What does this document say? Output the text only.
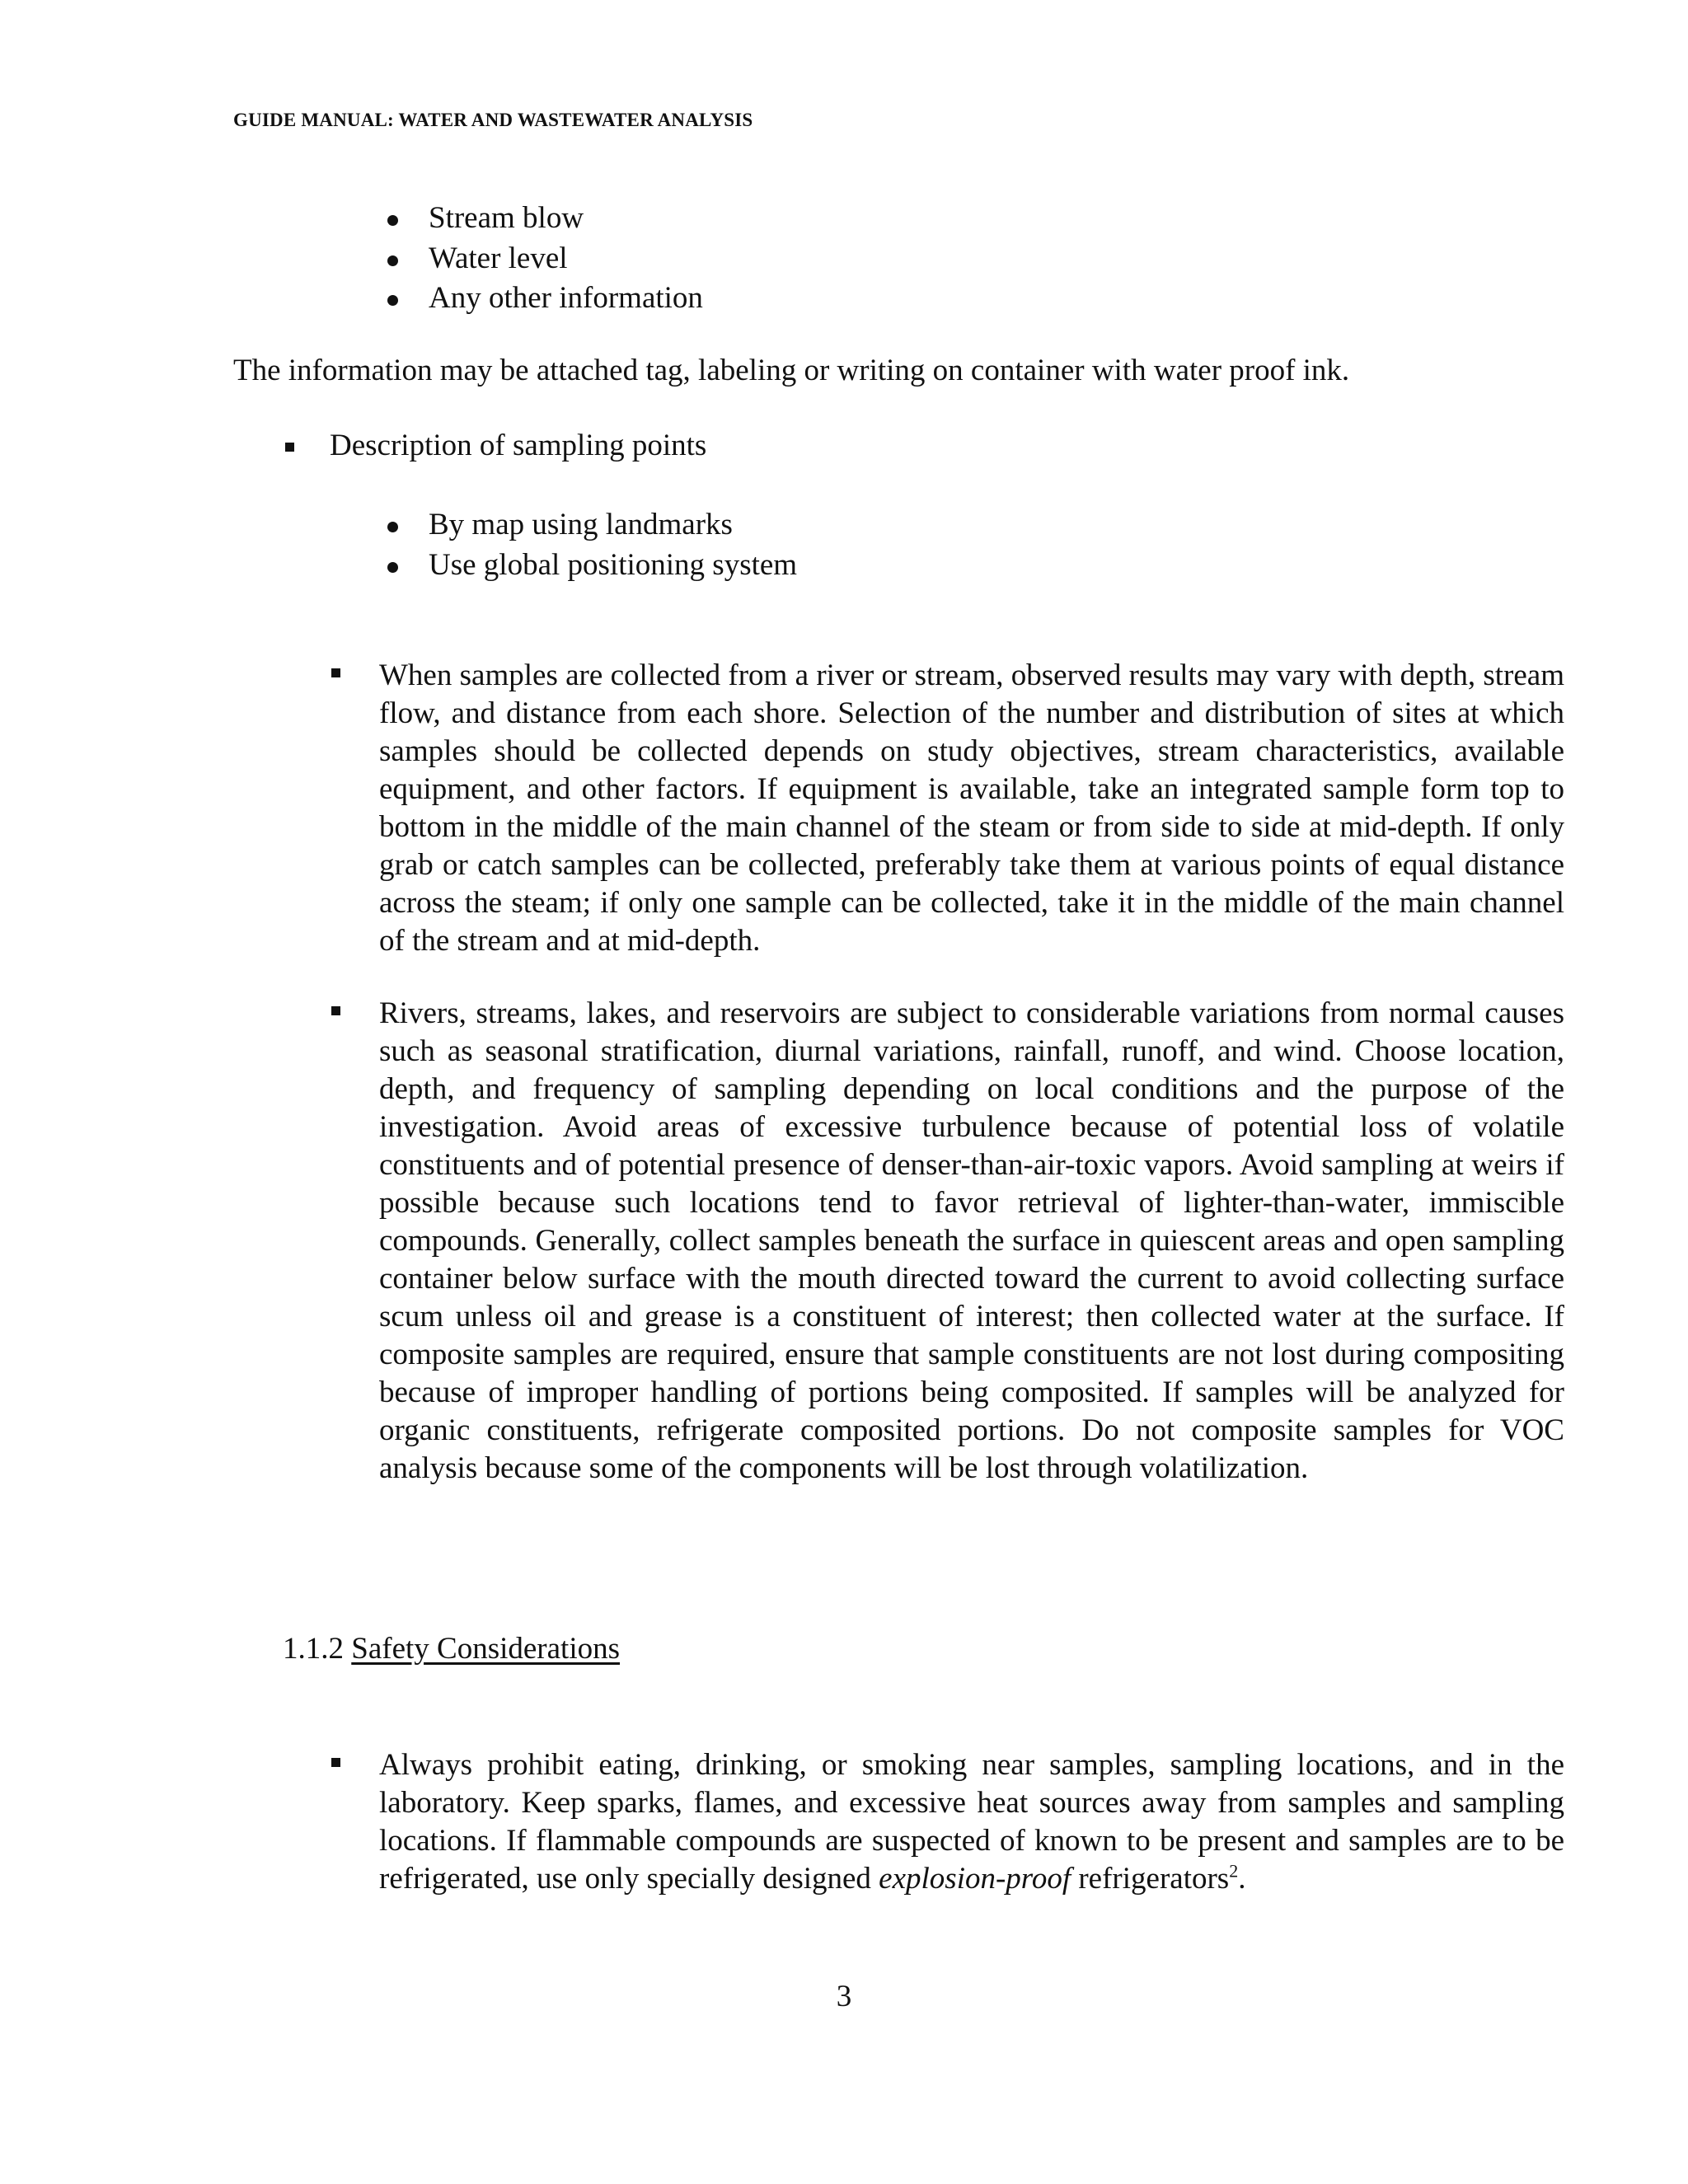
GUIDE MANUAL: WATER AND WASTEWATER ANALYSIS
Stream blow
Water level
Any other information
The information may be attached tag, labeling or writing on container with water proof ink.
Description of sampling points
By map using landmarks
Use global positioning system
When samples are collected from a river or stream, observed results may vary with depth, stream flow, and distance from each shore. Selection of the number and distribution of sites at which samples should be collected depends on study objectives, stream characteristics, available equipment, and other factors. If equipment is available, take an integrated sample form top to bottom in the middle of the main channel of the steam or from side to side at mid-depth. If only grab or catch samples can be collected, preferably take them at various points of equal distance across the steam; if only one sample can be collected, take it in the middle of the main channel of the stream and at mid-depth.
Rivers, streams, lakes, and reservoirs are subject to considerable variations from normal causes such as seasonal stratification, diurnal variations, rainfall, runoff, and wind. Choose location, depth, and frequency of sampling depending on local conditions and the purpose of the investigation. Avoid areas of excessive turbulence because of potential loss of volatile constituents and of potential presence of denser-than-air-toxic vapors. Avoid sampling at weirs if possible because such locations tend to favor retrieval of lighter-than-water, immiscible compounds. Generally, collect samples beneath the surface in quiescent areas and open sampling container below surface with the mouth directed toward the current to avoid collecting surface scum unless oil and grease is a constituent of interest; then collected water at the surface. If composite samples are required, ensure that sample constituents are not lost during compositing because of improper handling of portions being composited. If samples will be analyzed for organic constituents, refrigerate composited portions. Do not composite samples for VOC analysis because some of the components will be lost through volatilization.
1.1.2 Safety Considerations
Always prohibit eating, drinking, or smoking near samples, sampling locations, and in the laboratory. Keep sparks, flames, and excessive heat sources away from samples and sampling locations. If flammable compounds are suspected of known to be present and samples are to be refrigerated, use only specially designed explosion-proof refrigerators$^2$.
3
